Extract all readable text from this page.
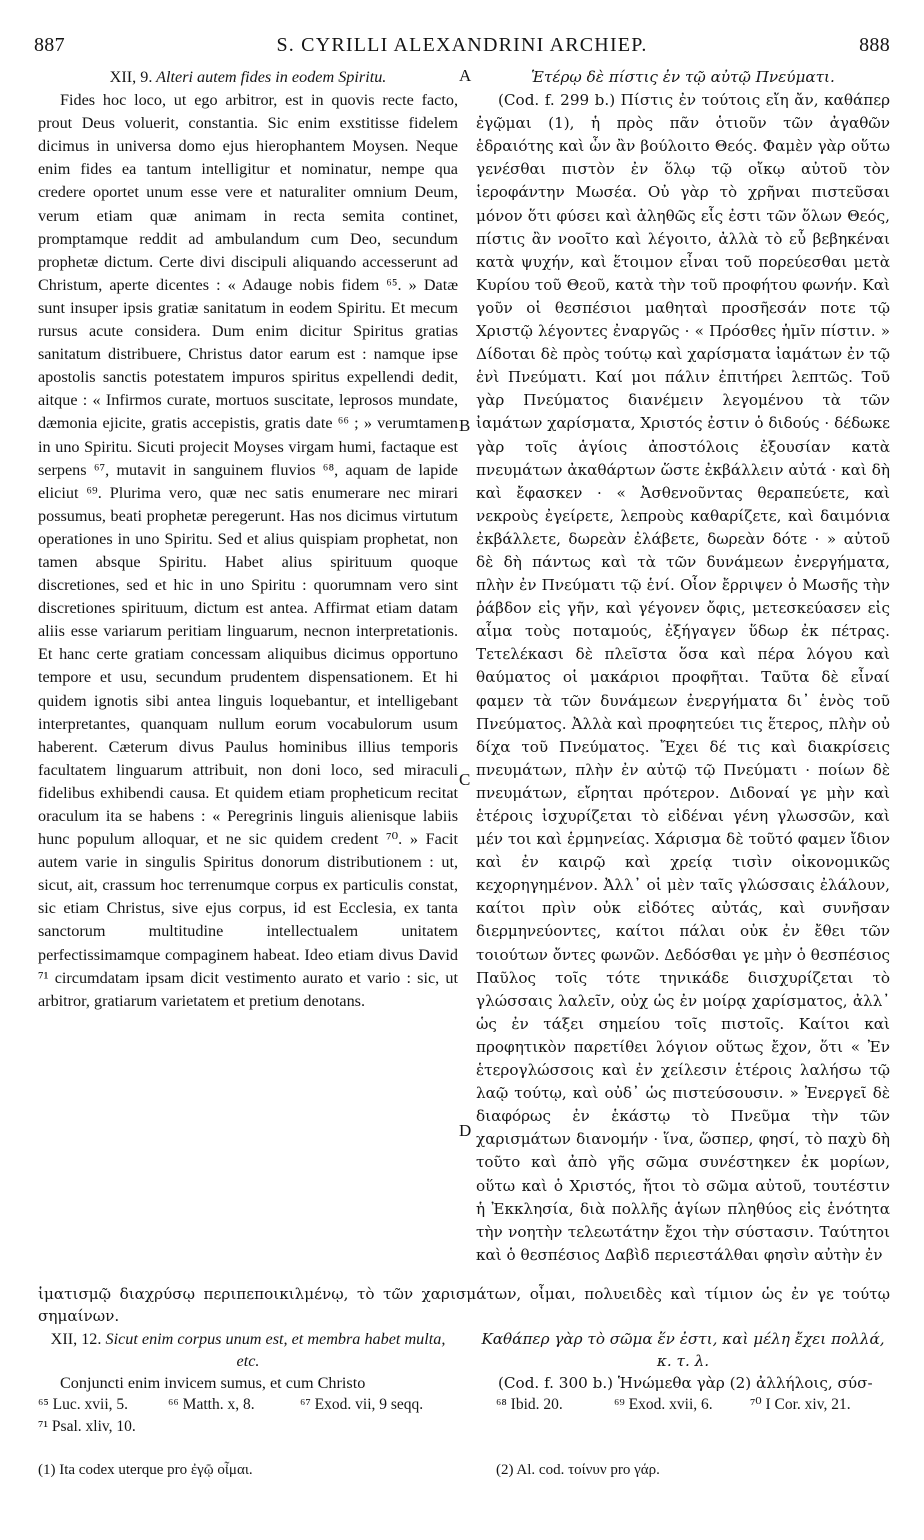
887	S. CYRILLI ALEXANDRINI ARCHIEP.	888

XII, 9. Alteri autem fides in eodem Spiritu.

Fides hoc loco, ut ego arbitror, est in quovis recte facto, prout Deus voluerit, constantia. Sic enim exstitisse fidelem dicimus in universa domo ejus hierophantem Moysen. Neque enim fides ea tantum intelligitur et nominatur, nempe qua credere oportet unum esse vere et naturaliter omnium Deum, verum etiam quæ animam in recta semita continet, promptamque reddit ad ambulandum cum Deo, secundum prophetæ dictum. Certe divi discipuli aliquando accesserunt ad Christum, aperte dicentes : « Adauge nobis fidem ⁶⁵. » Datæ sunt insuper ipsis gratiæ sanitatum in eodem Spiritu. Et mecum rursus acute considera. Dum enim dicitur Spiritus gratias sanitatum distribuere, Christus dator earum est : namque ipse apostolis sanctis potestatem impuros spiritus expellendi dedit, aitque : « Infirmos curate, mortuos suscitate, leprosos mundate, dæmonia ejicite, gratis accepistis, gratis date ⁶⁶ ; » verumtamen in uno Spiritu. Sicuti projecit Moyses virgam humi, factaque est serpens ⁶⁷, mutavit in sanguinem fluvios ⁶⁸, aquam de lapide eliciut ⁶⁹. Plurima vero, quæ nec satis enumerare nec mirari possumus, beati prophetæ peregerunt. Has nos dicimus virtutum operationes in uno Spiritu. Sed et alius quispiam prophetat, non tamen absque Spiritu. Habet alius spirituum quoque discretiones, sed et hic in uno Spiritu : quorumnam vero sint discretiones spirituum, dictum est antea. Affirmat etiam datam aliis esse variarum peritiam linguarum, necnon interpretationis. Et hanc certe gratiam concessam aliquibus dicimus opportuno tempore et usu, secundum prudentem dispensationem. Et hi quidem ignotis sibi antea linguis loquebantur, et intelligebant interpretantes, quanquam nullum eorum vocabulorum usum haberent. Cæterum divus Paulus hominibus illius temporis facultatem linguarum attribuit, non doni loco, sed miraculi fidelibus exhibendi causa. Et quidem etiam propheticum recitat oraculum ita se habens : « Peregrinis linguis alienisque labiis hunc populum alloquar, et ne sic quidem credent ⁷⁰. » Facit autem varie in singulis Spiritus donorum distributionem : ut, sicut, ait, crassum hoc terrenumque corpus ex particulis constat, sic etiam Christus, sive ejus corpus, id est Ecclesia, ex tanta sanctorum multitudine intellectualem unitatem perfectissimamque compaginem habeat. Ideo etiam divus David ⁷¹ circumdatam ipsam dicit vestimento aurato et vario : sic, ut arbitror, gratiarum varietatem et pretium denotans.

Ἑτέρῳ δὲ πίστις ἐν τῷ αὐτῷ Πνεύματι.

(Cod. f. 299 b.) Πίστις ἐν τούτοις εἴη ἄν, καθάπερ ἐγῷμαι (1), ἡ πρὸς πᾶν ὁτιοῦν τῶν ἀγαθῶν ἑδραιότης καὶ ὧν ἂν βούλοιτο Θεός. Φαμὲν γὰρ οὕτω γενέσθαι πιστὸν ἐν ὅλῳ τῷ οἴκῳ αὐτοῦ τὸν ἱεροφάντην Μωσέα. Οὐ γὰρ τὸ χρῆναι πιστεῦσαι μόνον ὅτι φύσει καὶ ἀληθῶς εἷς ἐστι τῶν ὅλων Θεός, πίστις ἂν νοοῖτο καὶ λέγοιτο, ἀλλὰ τὸ εὖ βεβηκέναι κατὰ ψυχήν, καὶ ἕτοιμον εἶναι τοῦ πορεύεσθαι μετὰ Κυρίου τοῦ Θεοῦ, κατὰ τὴν τοῦ προφήτου φωνήν. Καὶ γοῦν οἱ θεσπέσιοι μαθηταὶ προσῆεσάν ποτε τῷ Χριστῷ λέγοντες ἐναργῶς · « Πρόσθες ἡμῖν πίστιν. » Δίδοται δὲ πρὸς τούτῳ καὶ χαρίσματα ἰαμάτων ἐν τῷ ἑνὶ Πνεύματι. Καί μοι πάλιν ἐπιτήρει λεπτῶς. Τοῦ γὰρ Πνεύματος διανέμειν λεγομένου τὰ τῶν ἰαμάτων χαρίσματα, Χριστός ἐστιν ὁ διδούς · δέδωκε γὰρ τοῖς ἁγίοις ἀποστόλοις ἐξουσίαν κατὰ πνευμάτων ἀκαθάρτων ὥστε ἐκβάλλειν αὐτά · καὶ δὴ καὶ ἔφασκεν · « Ἀσθενοῦντας θεραπεύετε, καὶ νεκροὺς ἐγείρετε, λεπροὺς καθαρίζετε, καὶ δαιμόνια ἐκβάλλετε, δωρεὰν ἐλάβετε, δωρεὰν δότε · » αὐτοῦ δὲ δὴ πάντως καὶ τὰ τῶν δυνάμεων ἐνεργήματα, πλὴν ἐν Πνεύματι τῷ ἑνί. Οἷον ἔρριψεν ὁ Μωσῆς τὴν ῥάβδον εἰς γῆν, καὶ γέγονεν ὄφις, μετεσκεύασεν εἰς αἷμα τοὺς ποταμούς, ἐξήγαγεν ὕδωρ ἐκ πέτρας. Τετελέκασι δὲ πλεῖστα ὅσα καὶ πέρα λόγου καὶ θαύματος οἱ μακάριοι προφῆται. Ταῦτα δὲ εἶναί φαμεν τὰ τῶν δυνάμεων ἐνεργήματα δι᾽ ἑνὸς τοῦ Πνεύματος. Ἀλλὰ καὶ προφητεύει τις ἕτερος, πλὴν οὐ δίχα τοῦ Πνεύματος. Ἔχει δέ τις καὶ διακρίσεις πνευμάτων, πλὴν ἐν αὐτῷ τῷ Πνεύματι · ποίων δὲ πνευμάτων, εἴρηται πρότερον. Διδοναί γε μὴν καὶ ἑτέροις ἰσχυρίζεται τὸ εἰδέναι γένη γλωσσῶν, καὶ μέν τοι καὶ ἑρμηνείας. Χάρισμα δὲ τοῦτό φαμεν ἴδιον καὶ ἐν καιρῷ καὶ χρείᾳ τισὶν οἰκονομικῶς κεχορηγημένον. Ἀλλ᾽ οἱ μὲν ταῖς γλώσσαις ἐλάλουν, καίτοι πρὶν οὐκ εἰδότες αὐτάς, καὶ συνῆσαν διερμηνεύοντες, καίτοι πάλαι οὐκ ἐν ἔθει τῶν τοιούτων ὄντες φωνῶν. Δεδόσθαι γε μὴν ὁ θεσπέσιος Παῦλος τοῖς τότε τηνικάδε διισχυρίζεται τὸ γλώσσαις λαλεῖν, οὐχ ὡς ἐν μοίρᾳ χαρίσματος, ἀλλ᾽ ὡς ἐν τάξει σημείου τοῖς πιστοῖς. Καίτοι καὶ προφητικὸν παρετίθει λόγιον οὕτως ἔχον, ὅτι « Ἐν ἑτερογλώσσοις καὶ ἐν χείλεσιν ἑτέροις λαλήσω τῷ λαῷ τούτῳ, καὶ οὐδ᾽ ὡς πιστεύσουσιν. » Ἐνεργεῖ δὲ διαφόρως ἐν ἑκάστῳ τὸ Πνεῦμα τὴν τῶν χαρισμάτων διανομήν · ἵνα, ὥσπερ, φησί, τὸ παχὺ δὴ τοῦτο καὶ ἀπὸ γῆς σῶμα συνέστηκεν ἐκ μορίων, οὕτω καὶ ὁ Χριστός, ἤτοι τὸ σῶμα αὐτοῦ, τουτέστιν ἡ Ἐκκλησία, διὰ πολλῆς ἁγίων πληθύος εἰς ἑνότητα τὴν νοητὴν τελεωτάτην ἔχοι τὴν σύστασιν. Ταύτητοι καὶ ὁ θεσπέσιος Δαβὶδ περιεστάλθαι φησὶν αὐτὴν ἐν

A
B
C
D
ἱματισμῷ διαχρύσῳ περιπεποικιλμένῳ, τὸ τῶν χαρισμάτων, οἶμαι, πολυειδὲς καὶ τίμιον ὡς ἐν γε τούτῳ σημαίνων.

XII, 12. Sicut enim corpus unum est, et membra habet multa, etc.

Conjuncti enim invicem sumus, et cum Christo

Καθάπερ γὰρ τὸ σῶμα ἕν ἐστι, καὶ μέλη ἔχει πολλά, κ. τ. λ.

(Cod. f. 300 b.) Ἡνώμεθα γὰρ (2) ἀλλήλοις, σύσ-

⁶⁵ Luc. xvii, 5.	⁶⁶ Matth. x, 8.	⁶⁷ Exod. vii, 9 seqq.	⁶⁸ Ibid. 20.	⁶⁹ Exod. xvii, 6. ⁷⁰ I Cor. xiv, 21.
⁷¹ Psal. xliv, 10.
(1) Ita codex uterque pro ἐγῷ οἶμαι.	(2) Al. cod. τοίνυν pro γάρ.
